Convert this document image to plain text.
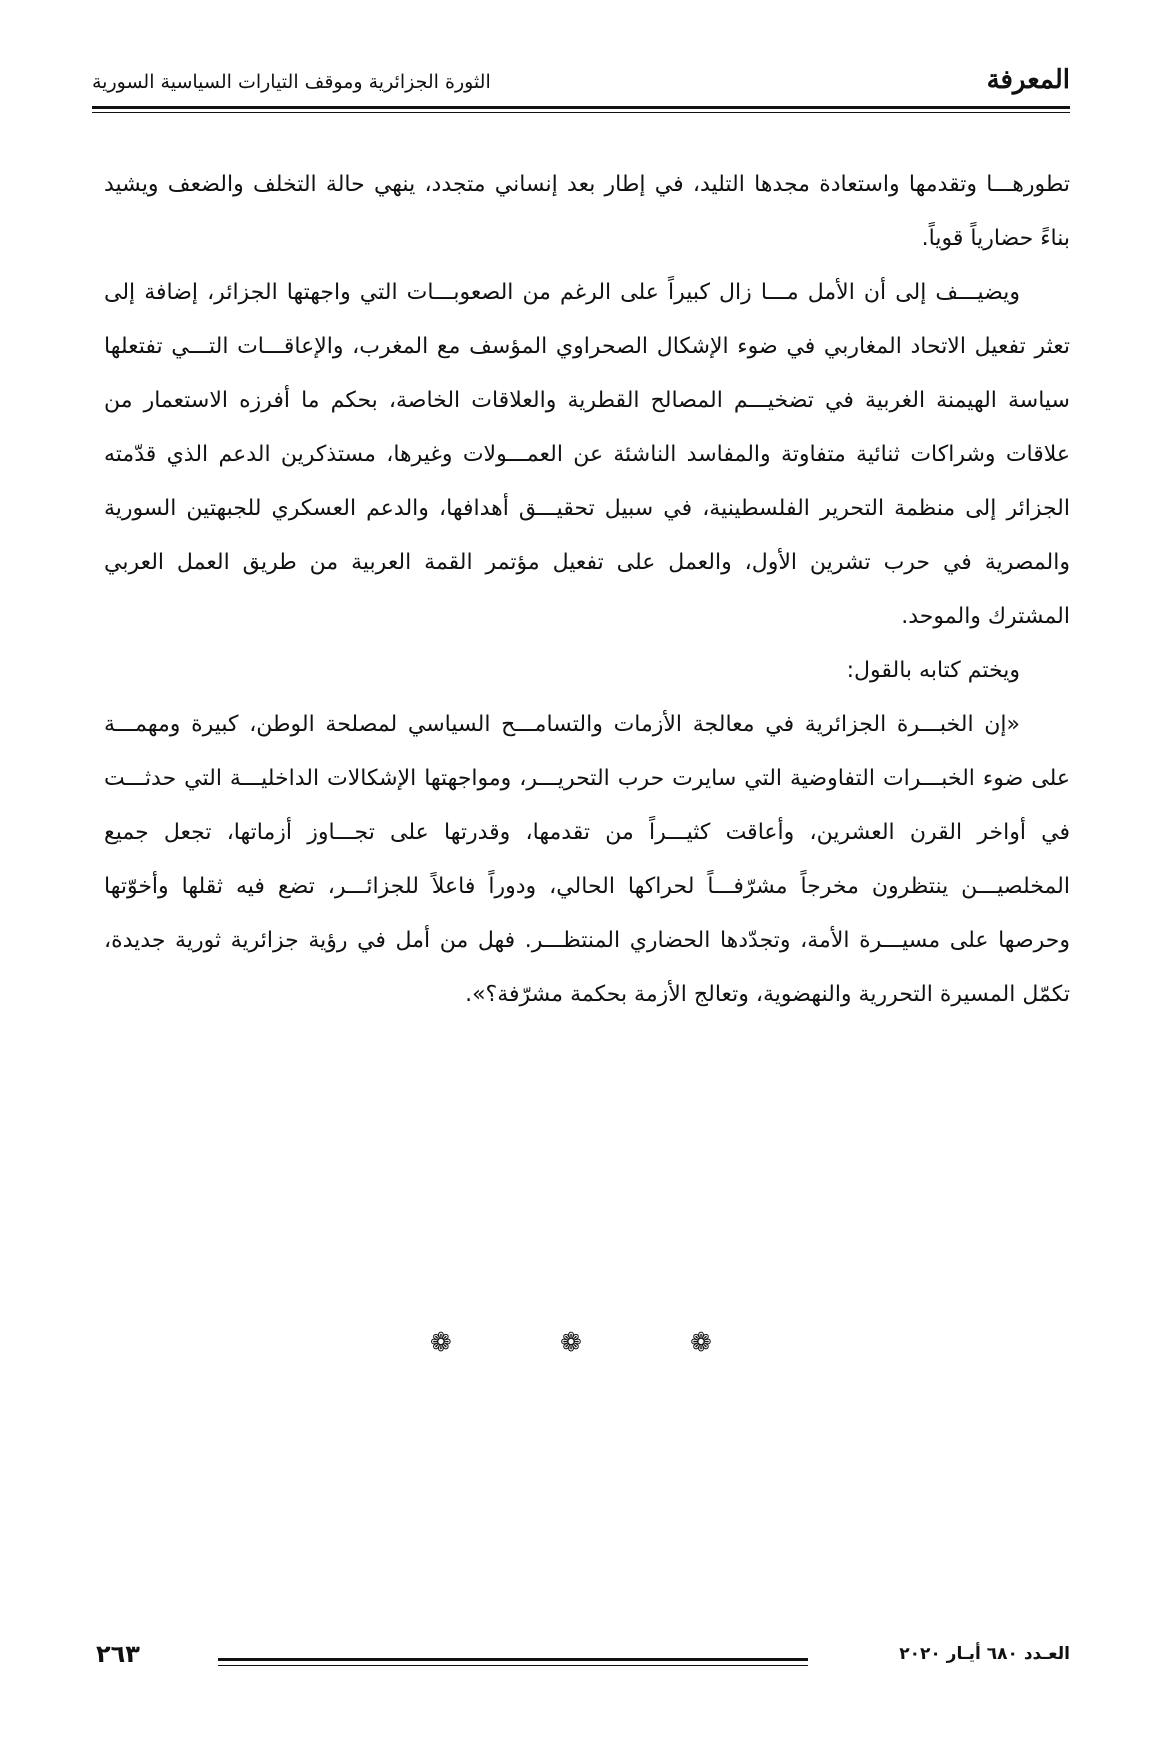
المعرفة
الثورة الجزائرية وموقف التيارات السياسية السورية

تطورهـــا وتقدمها واستعادة مجدها التليد، في إطار بعد إنساني متجدد، ينهي حالة التخلف والضعف ويشيد بناءً حضارياً قوياً.

ويضيـــف إلى أن الأمل مـــا زال كبيراً على الرغم من الصعوبـــات التي واجهتها الجزائر، إضافة إلى تعثر تفعيل الاتحاد المغاربي في ضوء الإشكال الصحراوي المؤسف مع المغرب، والإعاقـــات التـــي تفتعلها سياسة الهيمنة الغربية في تضخيـــم المصالح القطرية والعلاقات الخاصة، بحكم ما أفرزه الاستعمار من علاقات وشراكات ثنائية متفاوتة والمفاسد الناشئة عن العمـــولات وغيرها، مستذكرين الدعم الذي قدّمته الجزائر إلى منظمة التحرير الفلسطينية، في سبيل تحقيـــق أهدافها، والدعم العسكري للجبهتين السورية والمصرية في حرب تشرين الأول، والعمل على تفعيل مؤتمر القمة العربية من طريق العمل العربي المشترك والموحد.

ويختم كتابه بالقول:

«إن الخبـــرة الجزائرية في معالجة الأزمات والتسامـــح السياسي لمصلحة الوطن، كبيرة ومهمـــة على ضوء الخبـــرات التفاوضية التي سايرت حرب التحريـــر، ومواجهتها الإشكالات الداخليـــة التي حدثـــت في أواخر القرن العشرين، وأعاقت كثيـــراً من تقدمها، وقدرتها على تجـــاوز أزماتها، تجعل جميع المخلصيـــن ينتظرون مخرجاً مشرّفـــاً لحراكها الحالي، ودوراً فاعلاً للجزائـــر، تضع فيه ثقلها وأخوّتها وحرصها على مسيـــرة الأمة، وتجدّدها الحضاري المنتظـــر. فهل من أمل في رؤية جزائرية ثورية جديدة، تكمّل المسيرة التحررية والنهضوية، وتعالج الأزمة بحكمة مشرّفة؟».

❁	❁	❁
العـدد ٦٨٠ أيـار ٢٠٢٠
٢٦٣
